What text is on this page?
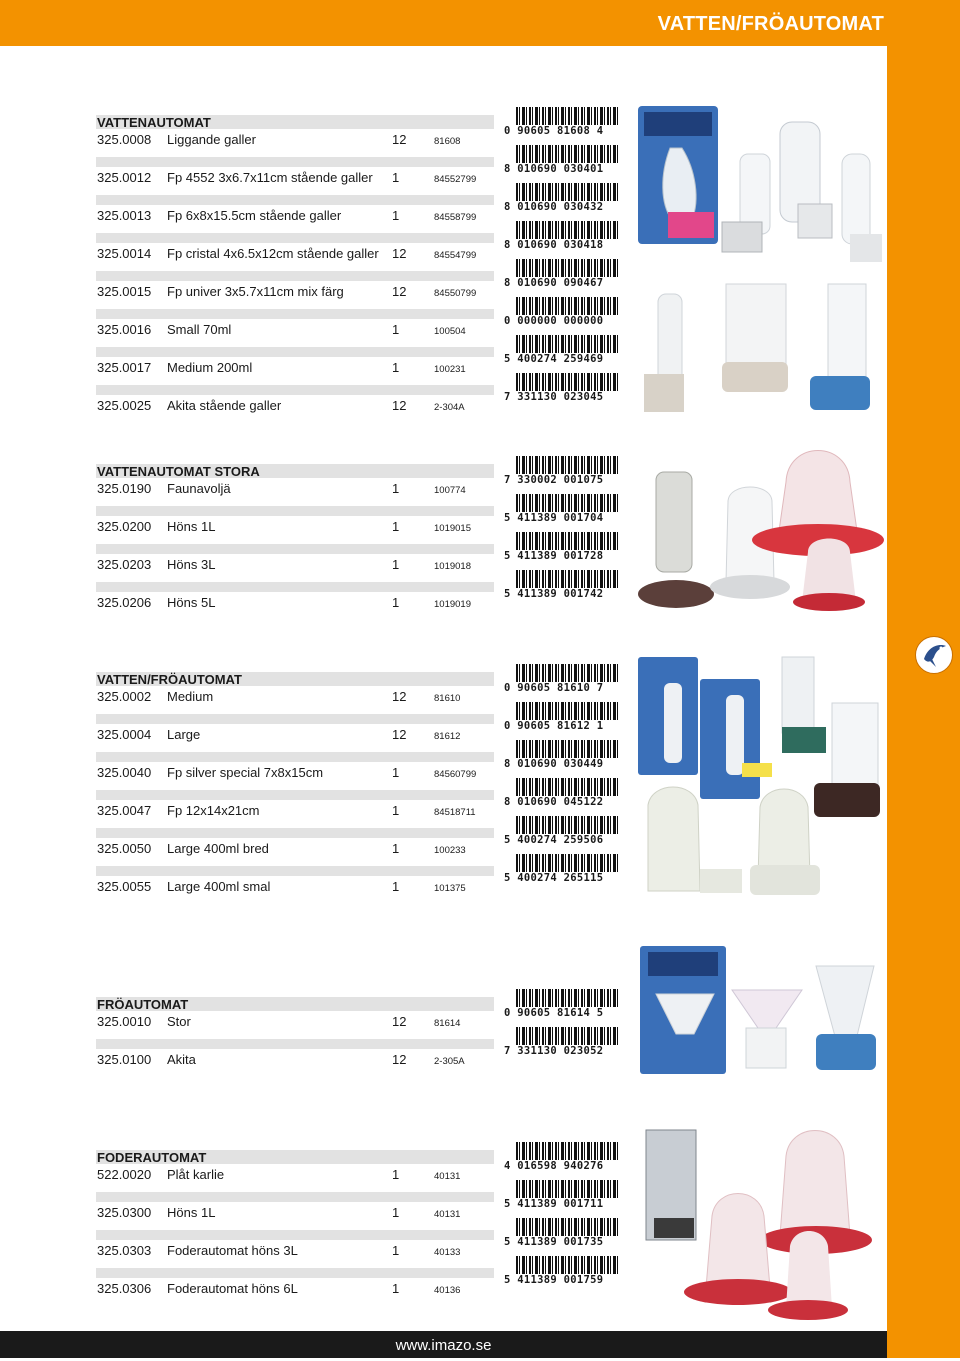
VATTEN/FRÖAUTOMAT
VATTENAUTOMAT
325.0008 Liggande galler	12	81608
325.0012 Fp 4552 3x6.7x11cm stående galler 1	84552799
325.0013 Fp 6x8x15.5cm stående galler	1	84558799
325.0014 Fp cristal 4x6.5x12cm stående galler 12	84554799
325.0015 Fp univer 3x5.7x11cm mix färg	12	84550799
325.0016 Small 70ml	1	100504
325.0017 Medium 200ml	1	100231
325.0025 Akita stående galler	12	2-304A
VATTENAUTOMAT STORA
325.0190 Faunavoljä	1	100774
325.0200 Höns 1L	1	1019015
325.0203 Höns 3L	1	1019018
325.0206 Höns 5L	1	1019019
VATTEN/FRÖAUTOMAT
325.0002 Medium	12	81610
325.0004 Large	12	81612
325.0040 Fp silver special 7x8x15cm	1	84560799
325.0047 Fp 12x14x21cm	1	84518711
325.0050 Large 400ml bred	1	100233
325.0055 Large 400ml smal	1	101375
FRÖAUTOMAT
325.0010 Stor	12	81614
325.0100 Akita	12	2-305A
FODERAUTOMAT
522.0020 Plåt karlie	1	40131
325.0300 Höns 1L	1	40131
325.0303 Foderautomat höns 3L	1	40133
325.0306 Foderautomat höns 6L	1	40136
0 90605 81608 4
8 010690 030401
8 010690 030432
8 010690 030418
8 010690 090467
0 000000 000000
5 400274 259469
7 331130 023045
7 330002 001075
5 411389 001704
5 411389 001728
5 411389 001742
0 90605 81610 7
0 90605 81612 1
8 010690 030449
8 010690 045122
5 400274 259506
5 400274 265115
0 90605 81614 5
7 331130 023052
4 016598 940276
5 411389 001711
5 411389 001735
5 411389 001759
www.imazo.se
